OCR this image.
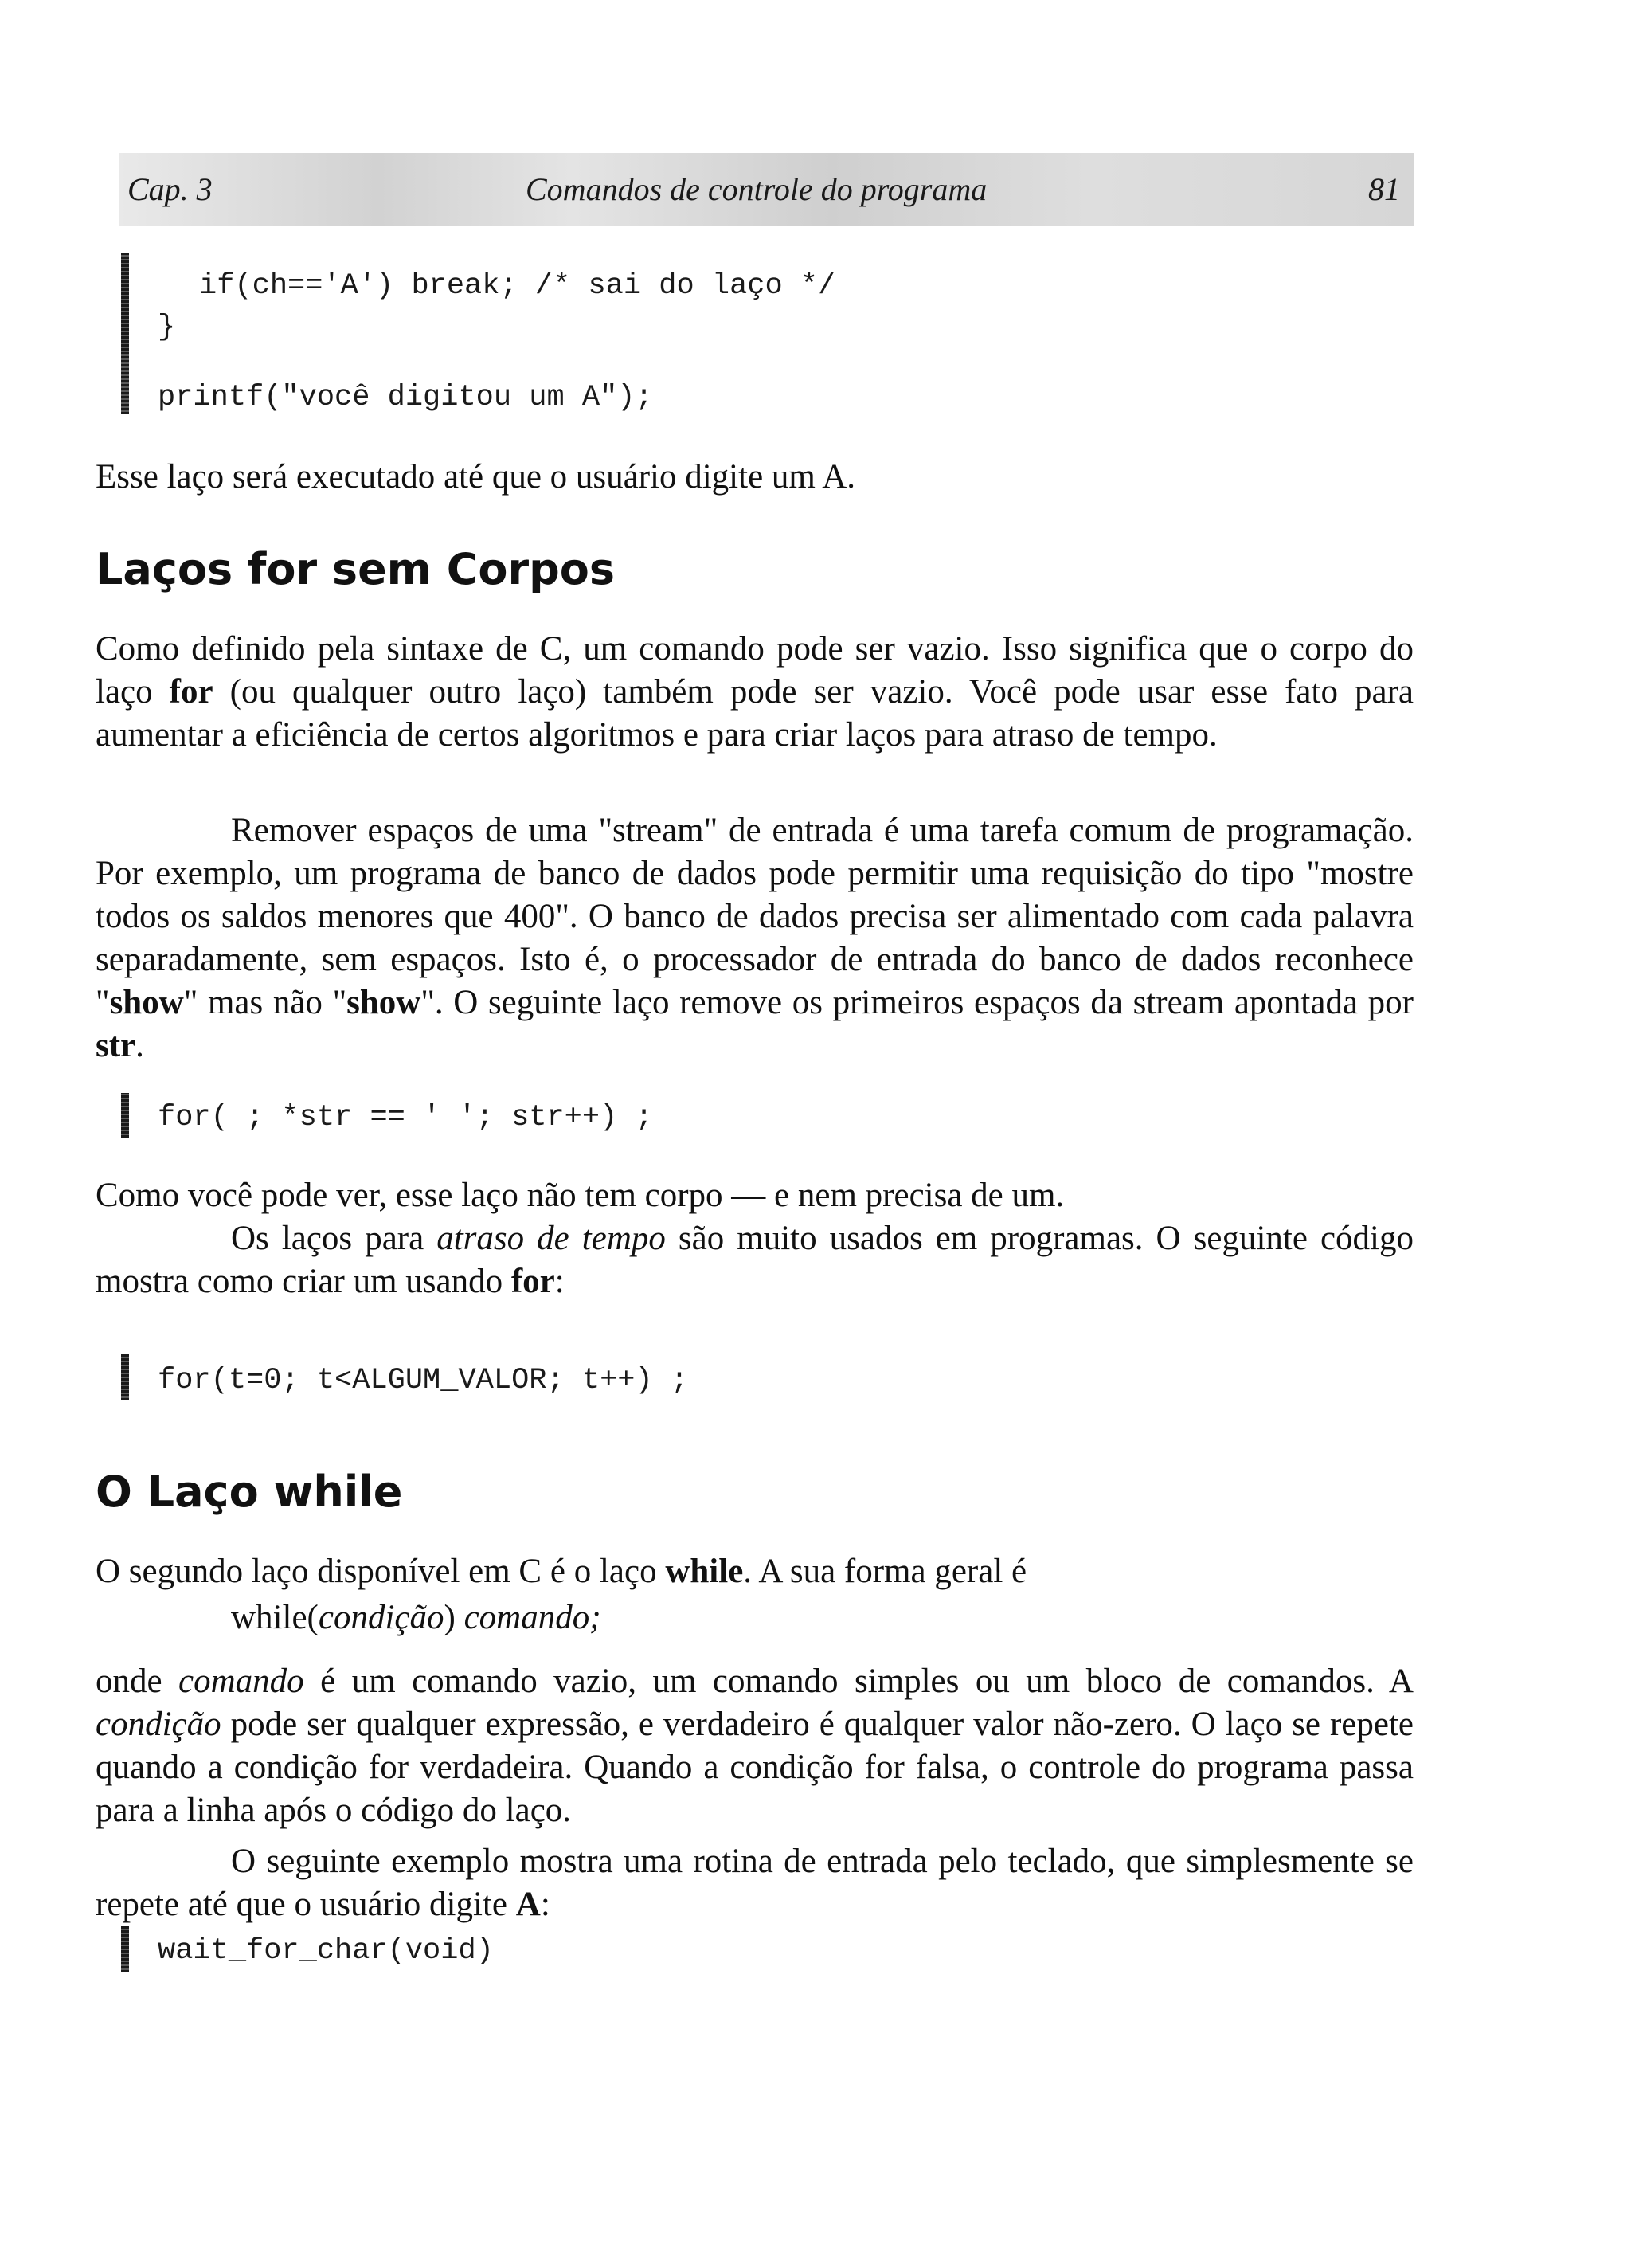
Cap. 3	Comandos de controle do programa	81
if(ch=='A') break; /* sai do laço */
}
printf("você digitou um A");

Esse laço será executado até que o usuário digite um A.

Laços for sem Corpos

Como definido pela sintaxe de C, um comando pode ser vazio. Isso significa que o corpo do laço for (ou qualquer outro laço) também pode ser vazio. Você pode usar esse fato para aumentar a eficiência de certos algoritmos e para criar laços para atraso de tempo.

Remover espaços de uma "stream" de entrada é uma tarefa comum de programação. Por exemplo, um programa de banco de dados pode permitir uma requisição do tipo "mostre todos os saldos menores que 400". O banco de dados precisa ser alimentado com cada palavra separadamente, sem espaços. Isto é, o processador de entrada do banco de dados reconhece "show" mas não "show". O seguinte laço remove os primeiros espaços da stream apontada por str.

for( ; *str == ' '; str++) ;

Como você pode ver, esse laço não tem corpo — e nem precisa de um.

Os laços para atraso de tempo são muito usados em programas. O seguinte código mostra como criar um usando for:

for(t=0; t<ALGUM_VALOR; t++) ;
O Laço while

O segundo laço disponível em C é o laço while. A sua forma geral é

while(condição) comando;

onde comando é um comando vazio, um comando simples ou um bloco de comandos. A condição pode ser qualquer expressão, e verdadeiro é qualquer valor não-zero. O laço se repete quando a condição for verdadeira. Quando a condição for falsa, o controle do programa passa para a linha após o código do laço.

O seguinte exemplo mostra uma rotina de entrada pelo teclado, que simplesmente se repete até que o usuário digite A:

wait_for_char(void)
